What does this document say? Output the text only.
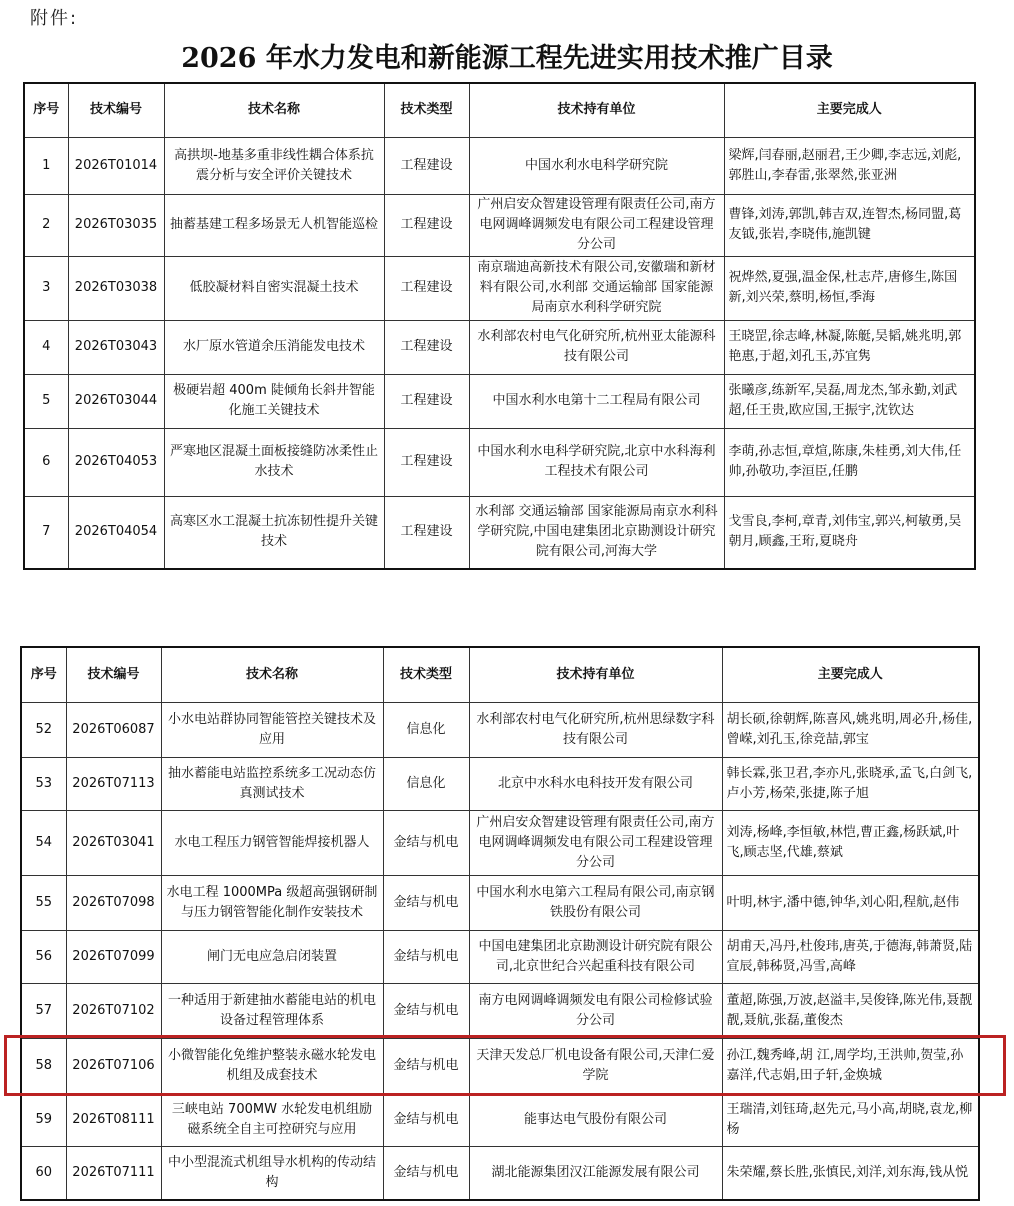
附件:
2026 年水力发电和新能源工程先进实用技术推广目录
序号	技术编号	技术名称	技术类型	技术持有单位	主要完成人
1	2026T01014	高拱坝-地基多重非线性耦合体系抗震分析与安全评价关键技术	工程建设	中国水利水电科学研究院	梁辉,闫春丽,赵丽君,王少卿,李志远,刘彪,郭胜山,李春雷,张翠然,张亚洲
2	2026T03035	抽蓄基建工程多场景无人机智能巡检	工程建设	广州启安众智建设管理有限责任公司,南方电网调峰调频发电有限公司工程建设管理分公司	曹锋,刘涛,郭凯,韩吉双,连智杰,杨同盟,葛友钺,张岩,李晓伟,施凯键
3	2026T03038	低胶凝材料自密实混凝土技术	工程建设	南京瑞迪高新技术有限公司,安徽瑞和新材料有限公司,水利部 交通运输部 国家能源局南京水利科学研究院	祝烨然,夏强,温金保,杜志芹,唐修生,陈国新,刘兴荣,蔡明,杨恒,季海
4	2026T03043	水厂原水管道余压消能发电技术	工程建设	水利部农村电气化研究所,杭州亚太能源科技有限公司	王晓罡,徐志峰,林凝,陈艇,吴韬,姚兆明,郭艳惠,于超,刘孔玉,苏宜隽
5	2026T03044	极硬岩超 400m 陡倾角长斜井智能化施工关键技术	工程建设	中国水利水电第十二工程局有限公司	张曦彦,练新军,吴磊,周龙杰,邹永勤,刘武超,任王贵,欧应国,王振宇,沈钦达
6	2026T04053	严寒地区混凝土面板接缝防冰柔性止水技术	工程建设	中国水利水电科学研究院,北京中水科海利工程技术有限公司	李萌,孙志恒,章煊,陈康,朱桂勇,刘大伟,任帅,孙敬功,李洹臣,任鹏
7	2026T04054	高寒区水工混凝土抗冻韧性提升关键技术	工程建设	水利部 交通运输部 国家能源局南京水利科学研究院,中国电建集团北京勘测设计研究院有限公司,河海大学	戈雪良,李柯,章青,刘伟宝,郭兴,柯敏勇,吴朝月,顾鑫,王珩,夏晓舟
序号	技术编号	技术名称	技术类型	技术持有单位	主要完成人
52	2026T06087	小水电站群协同智能管控关键技术及应用	信息化	水利部农村电气化研究所,杭州思绿数字科技有限公司	胡长硕,徐朝辉,陈喜风,姚兆明,周必升,杨佳,曾嵘,刘孔玉,徐竞喆,郭宝
53	2026T07113	抽水蓄能电站监控系统多工况动态仿真测试技术	信息化	北京中水科水电科技开发有限公司	韩长霖,张卫君,李亦凡,张晓承,孟飞,白剑飞,卢小芳,杨荣,张捷,陈子旭
54	2026T03041	水电工程压力钢管智能焊接机器人	金结与机电	广州启安众智建设管理有限责任公司,南方电网调峰调频发电有限公司工程建设管理分公司	刘涛,杨峰,李恒敏,林恺,曹正鑫,杨跃斌,叶飞,顾志坚,代雄,蔡斌
55	2026T07098	水电工程 1000MPa 级超高强钢研制与压力钢管智能化制作安装技术	金结与机电	中国水利水电第六工程局有限公司,南京钢铁股份有限公司	叶明,林宇,潘中德,钟华,刘心阳,程航,赵伟
56	2026T07099	闸门无电应急启闭装置	金结与机电	中国电建集团北京勘测设计研究院有限公司,北京世纪合兴起重科技有限公司	胡甫天,冯丹,杜俊玮,唐英,于德海,韩萧贤,陆宣辰,韩秭贤,冯雪,高峰
57	2026T07102	一种适用于新建抽水蓄能电站的机电设备过程管理体系	金结与机电	南方电网调峰调频发电有限公司检修试验分公司	董超,陈强,万波,赵溢丰,吴俊锋,陈光伟,聂靓靓,聂航,张磊,董俊杰
58	2026T07106	小微智能化免维护整装永磁水轮发电机组及成套技术	金结与机电	天津天发总厂机电设备有限公司,天津仁爱学院	孙江,魏秀峰,胡 江,周学均,王洪帅,贺莹,孙嘉洋,代志娟,田子轩,金焕城
59	2026T08111	三峡电站 700MW 水轮发电机组励磁系统全自主可控研究与应用	金结与机电	能事达电气股份有限公司	王瑞清,刘钰琦,赵先元,马小高,胡晓,袁龙,柳杨
60	2026T07111	中小型混流式机组导水机构的传动结构	金结与机电	湖北能源集团汉江能源发展有限公司	朱荣耀,蔡长胜,张慎民,刘洋,刘东海,钱从悦
